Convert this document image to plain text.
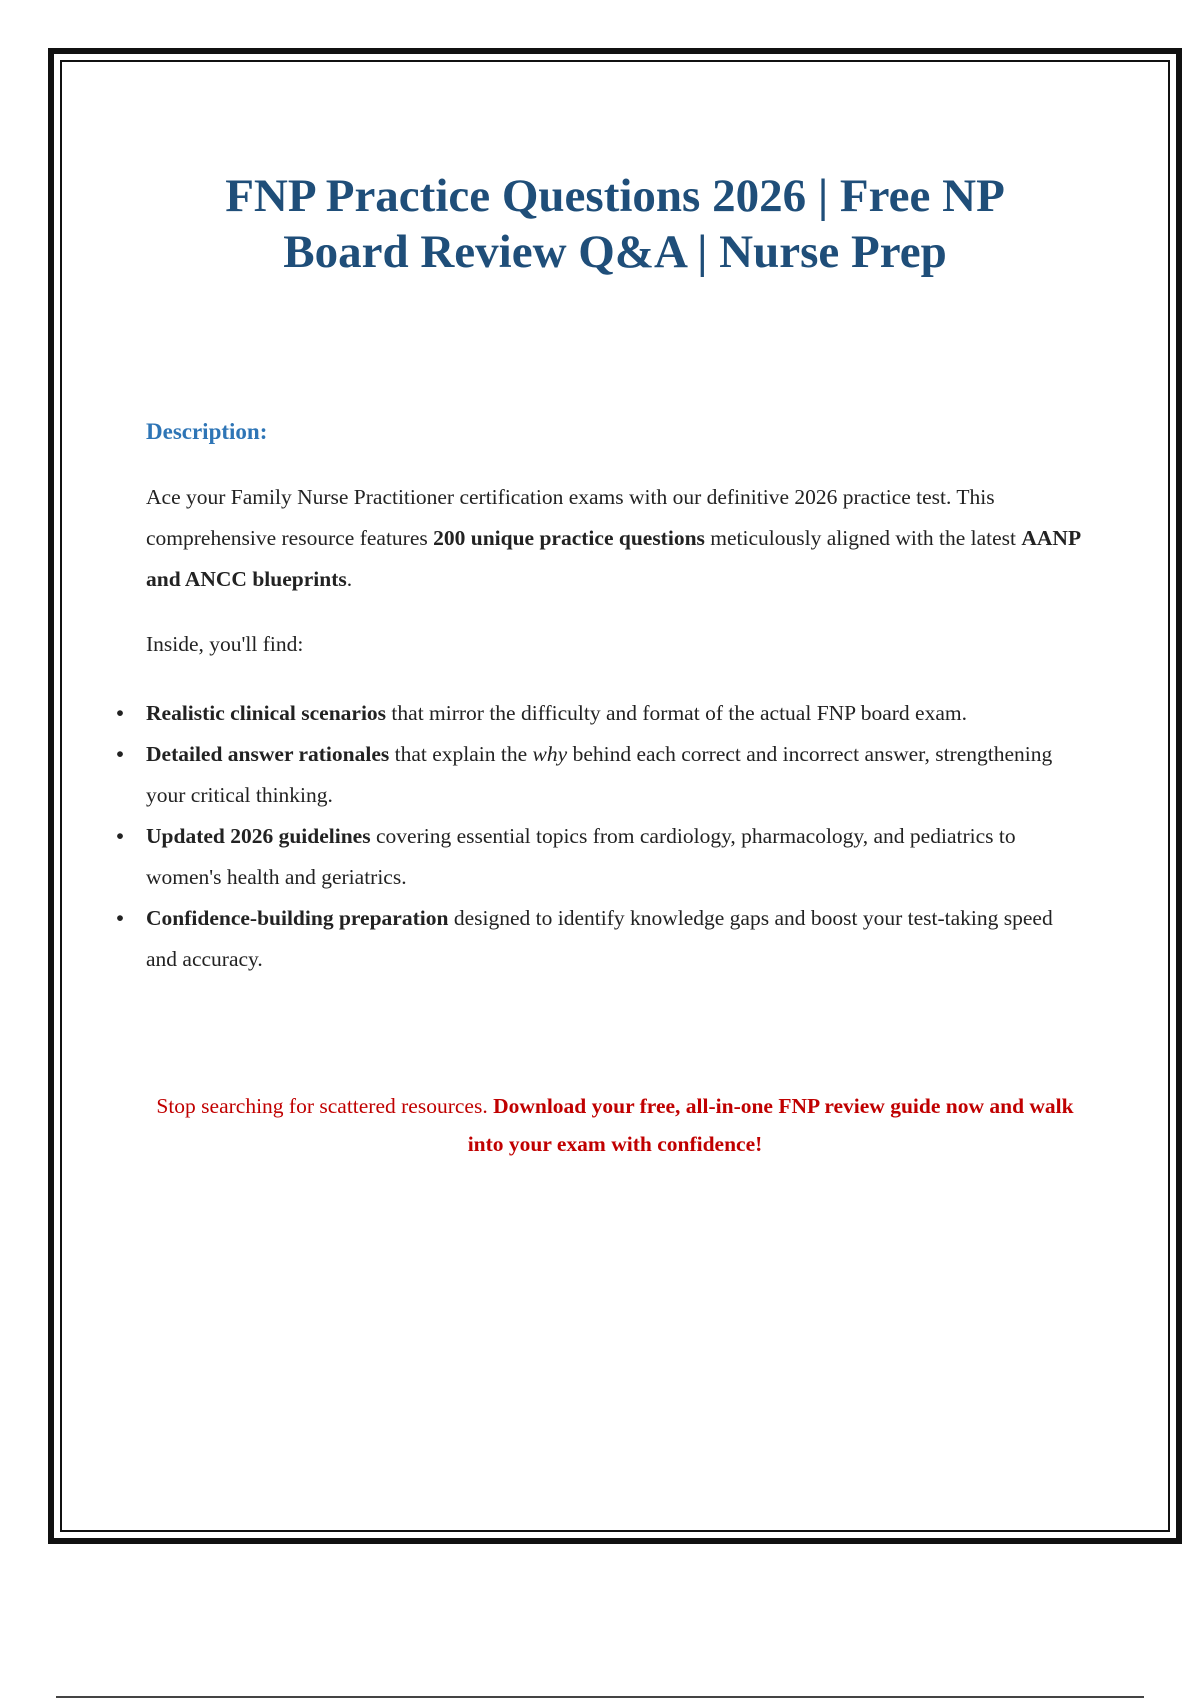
FNP Practice Questions 2026 | Free NP
Board Review Q&A | Nurse Prep

Description:

Ace your Family Nurse Practitioner certification exams with our definitive 2026 practice test. This comprehensive resource features 200 unique practice questions meticulously aligned with the latest AANP and ANCC blueprints.

Inside, you'll find:

• Realistic clinical scenarios that mirror the difficulty and format of the actual FNP board exam.
• Detailed answer rationales that explain the why behind each correct and incorrect answer, strengthening your critical thinking.
• Updated 2026 guidelines covering essential topics from cardiology, pharmacology, and pediatrics to women's health and geriatrics.
• Confidence-building preparation designed to identify knowledge gaps and boost your test-taking speed and accuracy.

Stop searching for scattered resources. Download your free, all-in-one FNP review guide now and walk into your exam with confidence!
